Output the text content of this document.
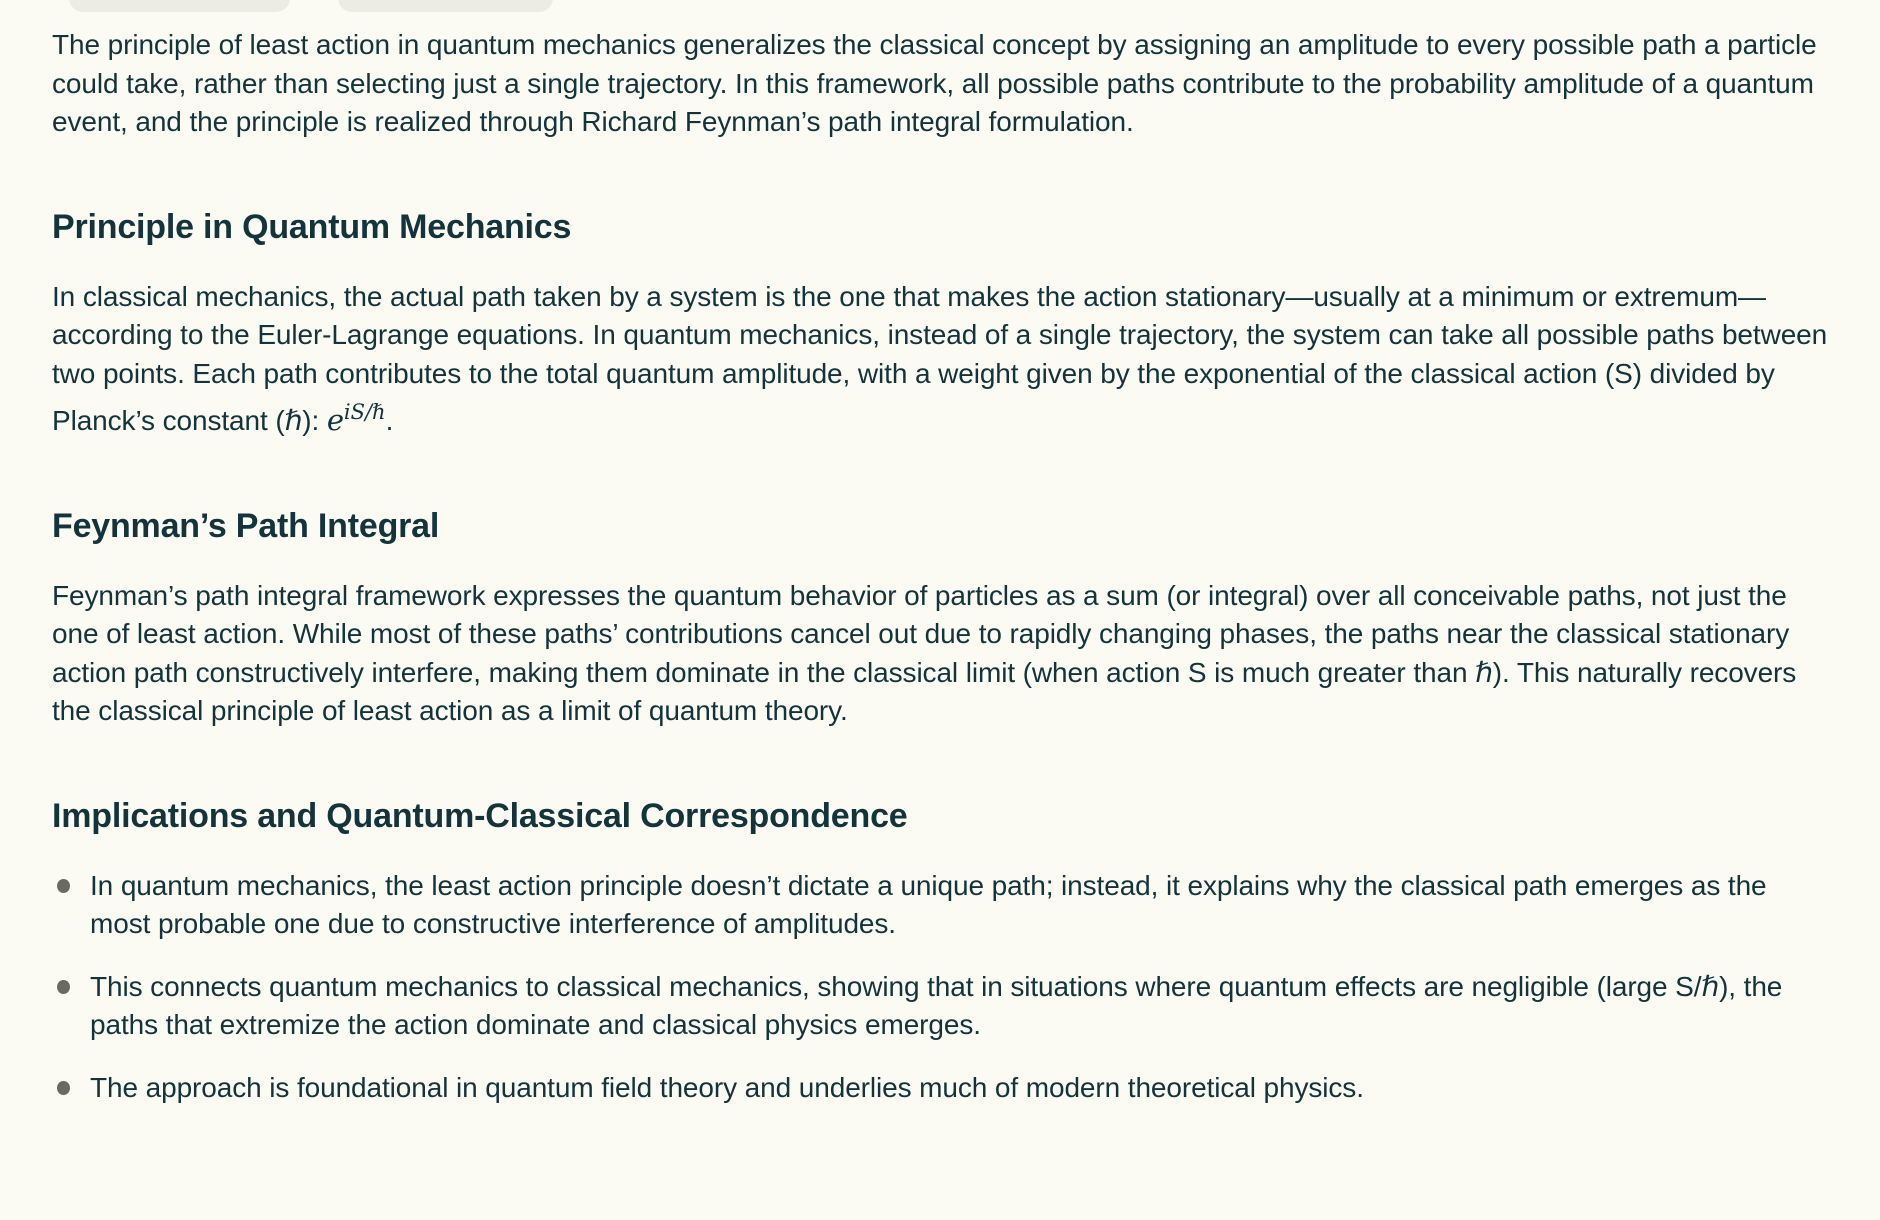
The principle of least action in quantum mechanics generalizes the classical concept by assigning an amplitude to every possible path a particle could take, rather than selecting just a single trajectory. In this framework, all possible paths contribute to the probability amplitude of a quantum event, and the principle is realized through Richard Feynman’s path integral formulation.

Principle in Quantum Mechanics

In classical mechanics, the actual path taken by a system is the one that makes the action stationary—usually at a minimum or extremum—according to the Euler-Lagrange equations. In quantum mechanics, instead of a single trajectory, the system can take all possible paths between two points. Each path contributes to the total quantum amplitude, with a weight given by the exponential of the classical action (S) divided by Planck’s constant (ℏ): $e^{iS/\hbar}$.

Feynman’s Path Integral

Feynman’s path integral framework expresses the quantum behavior of particles as a sum (or integral) over all conceivable paths, not just the one of least action. While most of these paths’ contributions cancel out due to rapidly changing phases, the paths near the classical stationary action path constructively interfere, making them dominate in the classical limit (when action S is much greater than ℏ). This naturally recovers the classical principle of least action as a limit of quantum theory.

Implications and Quantum-Classical Correspondence
In quantum mechanics, the least action principle doesn’t dictate a unique path; instead, it explains why the classical path emerges as the most probable one due to constructive interference of amplitudes.
This connects quantum mechanics to classical mechanics, showing that in situations where quantum effects are negligible (large S/ℏ), the paths that extremize the action dominate and classical physics emerges.
The approach is foundational in quantum field theory and underlies much of modern theoretical physics.
